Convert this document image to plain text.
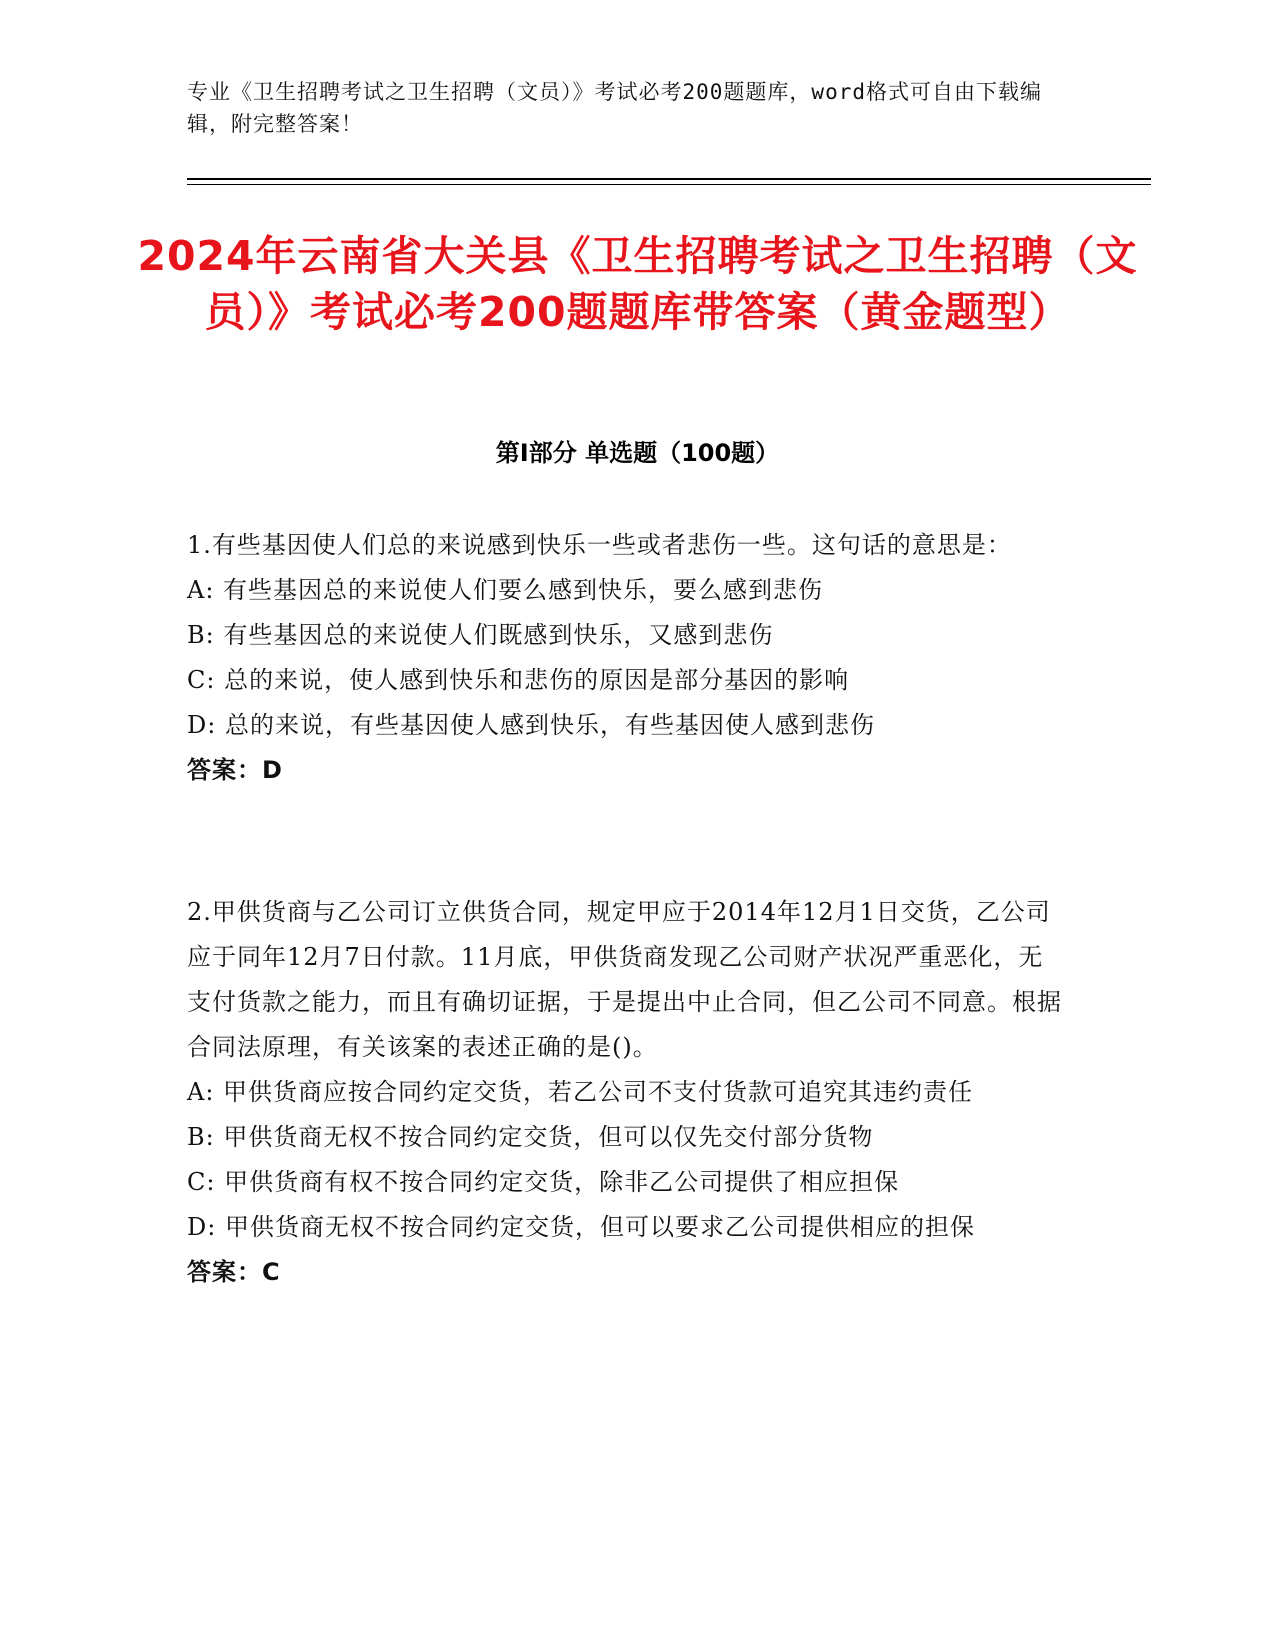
专业《卫生招聘考试之卫生招聘（文员）》考试必考200题题库，word格式可自由下载编辑，附完整答案！
2024年云南省大关县《卫生招聘考试之卫生招聘（文员）》考试必考200题题库带答案（黄金题型）
第I部分 单选题（100题）

1.有些基因使人们总的来说感到快乐一些或者悲伤一些。这句话的意思是：

A: 有些基因总的来说使人们要么感到快乐，要么感到悲伤

B: 有些基因总的来说使人们既感到快乐，又感到悲伤

C: 总的来说，使人感到快乐和悲伤的原因是部分基因的影响

D: 总的来说，有些基因使人感到快乐，有些基因使人感到悲伤

答案：D

2.甲供货商与乙公司订立供货合同，规定甲应于2014年12月1日交货，乙公司应于同年12月7日付款。11月底，甲供货商发现乙公司财产状况严重恶化，无支付货款之能力，而且有确切证据，于是提出中止合同，但乙公司不同意。根据合同法原理，有关该案的表述正确的是()。

A: 甲供货商应按合同约定交货，若乙公司不支付货款可追究其违约责任

B: 甲供货商无权不按合同约定交货，但可以仅先交付部分货物

C: 甲供货商有权不按合同约定交货，除非乙公司提供了相应担保

D: 甲供货商无权不按合同约定交货，但可以要求乙公司提供相应的担保

答案：C
